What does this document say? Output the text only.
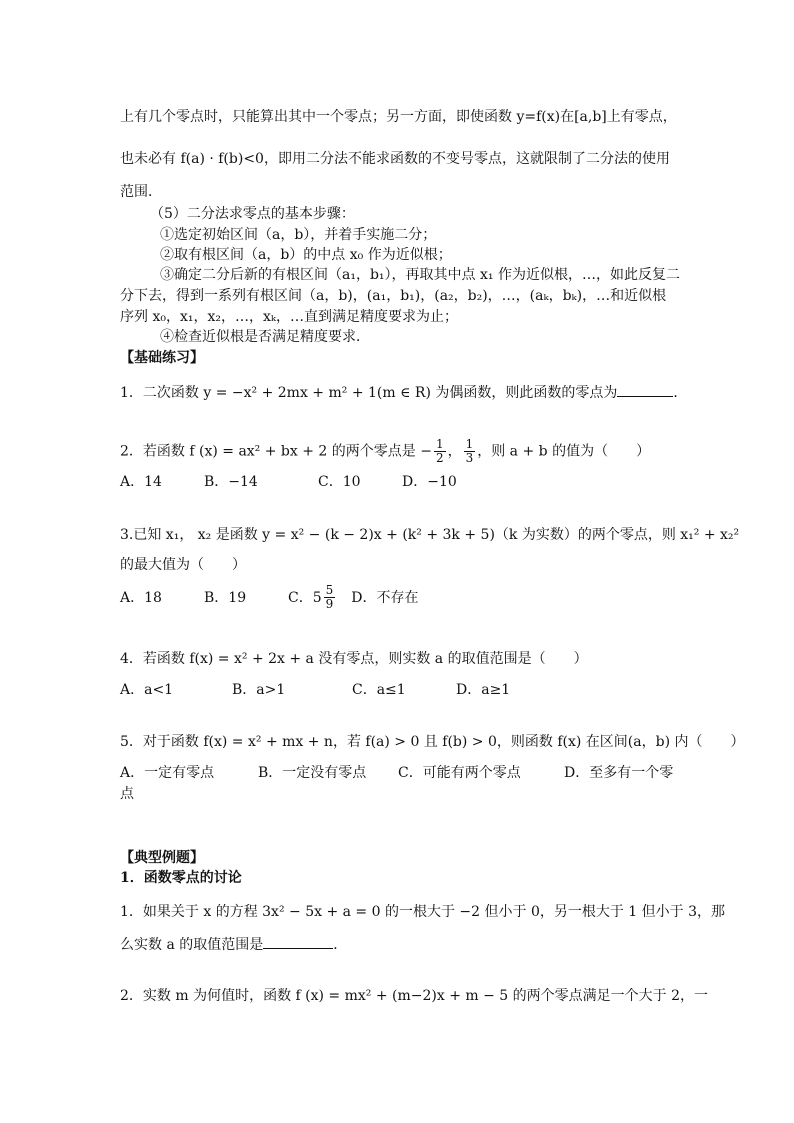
上有几个零点时，只能算出其中一个零点；另一方面，即使函数 y=f(x)在[a,b]上有零点，
也未必有 f(a) · f(b)<0，即用二分法不能求函数的不变号零点，这就限制了二分法的使用
范围．
（5）二分法求零点的基本步骤：
①选定初始区间（a，b），并着手实施二分；
②取有根区间（a，b）的中点 x₀ 作为近似根；
③确定二分后新的有根区间（a₁，b₁），再取其中点 x₁ 作为近似根，…，如此反复二
分下去，得到一系列有根区间（a，b)，(a₁，b₁)，(a₂，b₂)，…，(aₖ，bₖ)，…和近似根
序列 x₀，x₁，x₂，…，xₖ，…直到满足精度要求为止；
④检查近似根是否满足精度要求．
【基础练习】
1．二次函数 y = −x² + 2mx + m² + 1(m ∈ R) 为偶函数，则此函数的零点为	．
2．若函数 f (x) = ax² + bx + 2 的两个零点是 − $\frac{1}{2}$ ， $\frac{1}{3}$ ，则 a + b 的值为（　　）
A．14	B．−14	C．10	D．−10
3.已知 x₁， x₂ 是函数 y = x² − (k − 2)x + (k² + 3k + 5)（k 为实数）的两个零点，则 x₁² + x₂²
的最大值为（　　）
A．18	B．19	C．$5 \frac{5}{9}$ D．不存在
4．若函数 f(x) = x² + 2x + a 没有零点，则实数 a 的取值范围是（　　）
A．a<1	B．a>1	C．a≤1	D．a≥1
5．对于函数 f(x) = x² + mx + n，若 f(a) > 0 且 f(b) > 0，则函数 f(x) 在区间(a，b) 内（　　）
A．一定有零点	B．一定没有零点 C．可能有两个零点	D．至多有一个零
点
【典型例题】
1．函数零点的讨论
1．如果关于 x 的方程 3x² − 5x + a = 0 的一根大于 −2 但小于 0，另一根大于 1 但小于 3，那
么实数 a 的取值范围是	．
2．实数 m 为何值时，函数 f (x) = mx² + (m−2)x + m − 5 的两个零点满足一个大于 2，一
